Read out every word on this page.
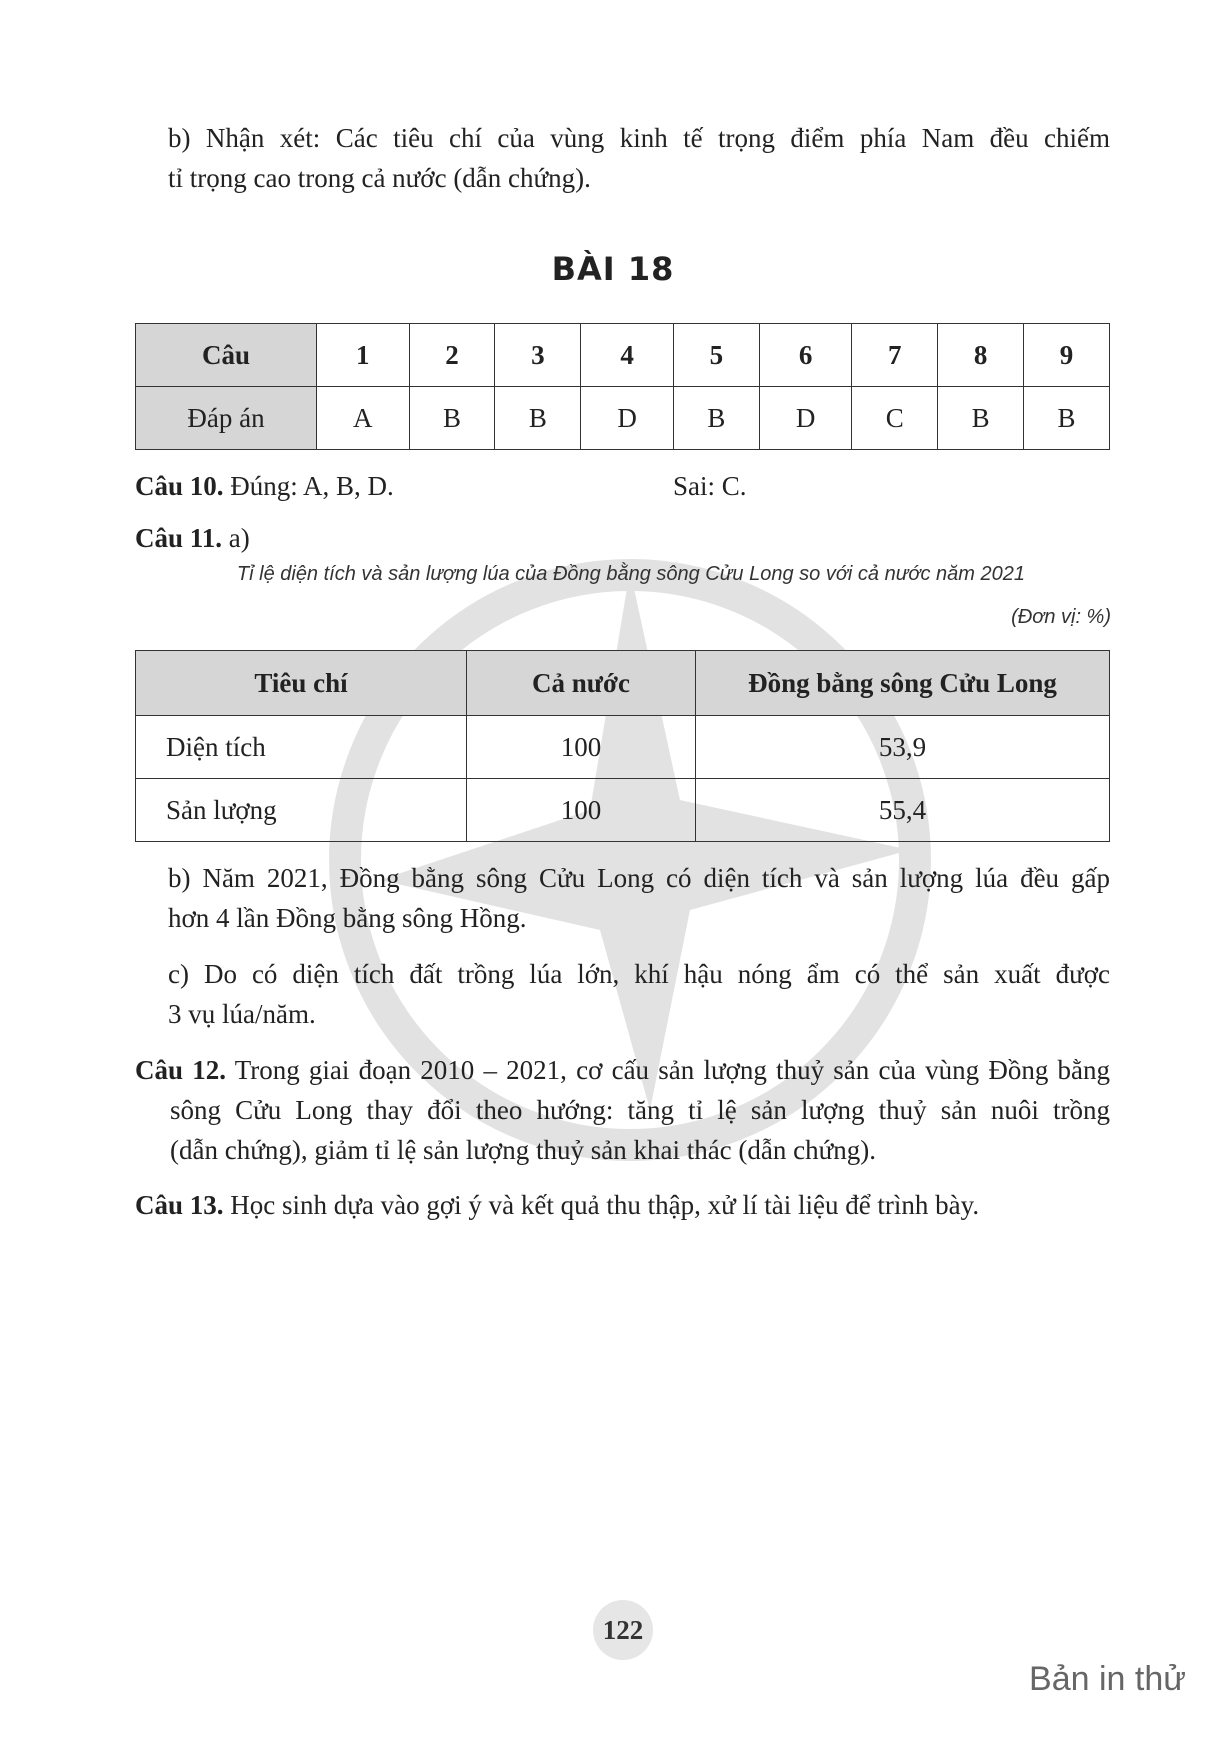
b) Nhận xét: Các tiêu chí của vùng kinh tế trọng điểm phía Nam đều chiếm
tỉ trọng cao trong cả nước (dẫn chứng).
BÀI 18
Câu	1	2	3	4	5	6	7	8	9
Đáp án	A	B	B	D	B	D	C	B	B
Câu 10. Đúng: A, B, D.	Sai: C.
Câu 11. a)
Tỉ lệ diện tích và sản lượng lúa của Đồng bằng sông Cửu Long so với cả nước năm 2021
(Đơn vị: %)
Tiêu chí	Cả nước	Đồng bằng sông Cửu Long
Diện tích	100	53,9
Sản lượng	100	55,4
b) Năm 2021, Đồng bằng sông Cửu Long có diện tích và sản lượng lúa đều gấp
hơn 4 lần Đồng bằng sông Hồng.
c) Do có diện tích đất trồng lúa lớn, khí hậu nóng ẩm có thể sản xuất được
3 vụ lúa/năm.
Câu 12. Trong giai đoạn 2010 – 2021, cơ cấu sản lượng thuỷ sản của vùng Đồng bằng
sông Cửu Long thay đổi theo hướng: tăng tỉ lệ sản lượng thuỷ sản nuôi trồng
(dẫn chứng), giảm tỉ lệ sản lượng thuỷ sản khai thác (dẫn chứng).
Câu 13. Học sinh dựa vào gợi ý và kết quả thu thập, xử lí tài liệu để trình bày.
122
Bản in thử
